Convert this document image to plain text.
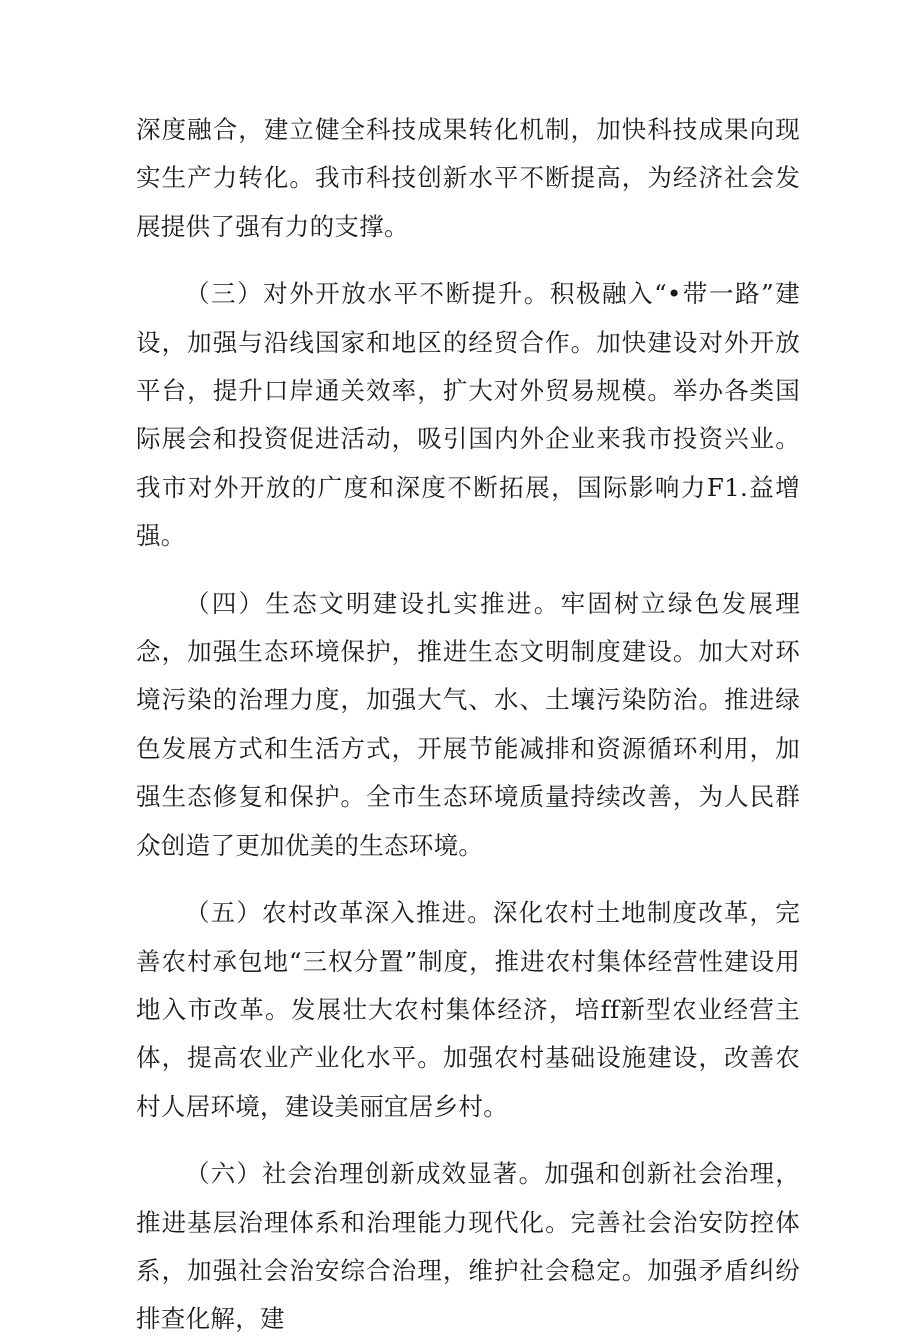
深度融合，建立健全科技成果转化机制，加快科技成果向现实生产力转化。我市科技创新水平不断提高，为经济社会发展提供了强有力的支撑。

（三）对外开放水平不断提升。积极融入“•带一路”建设，加强与沿线国家和地区的经贸合作。加快建设对外开放平台，提升口岸通关效率，扩大对外贸易规模。举办各类国际展会和投资促进活动，吸引国内外企业来我市投资兴业。我市对外开放的广度和深度不断拓展，国际影响力F1.益增强。

（四）生态文明建设扎实推进。牢固树立绿色发展理念，加强生态环境保护，推进生态文明制度建设。加大对环境污染的治理力度，加强大气、水、土壤污染防治。推进绿色发展方式和生活方式，开展节能减排和资源循环利用，加强生态修复和保护。全市生态环境质量持续改善，为人民群众创造了更加优美的生态环境。

（五）农村改革深入推进。深化农村土地制度改革，完善农村承包地“三权分置”制度，推进农村集体经营性建设用地入市改革。发展壮大农村集体经济，培ff新型农业经营主体，提高农业产业化水平。加强农村基础设施建设，改善农村人居环境，建设美丽宜居乡村。

（六）社会治理创新成效显著。加强和创新社会治理，推进基层治理体系和治理能力现代化。完善社会治安防控体系，加强社会治安综合治理，维护社会稳定。加强矛盾纠纷排查化解，建
